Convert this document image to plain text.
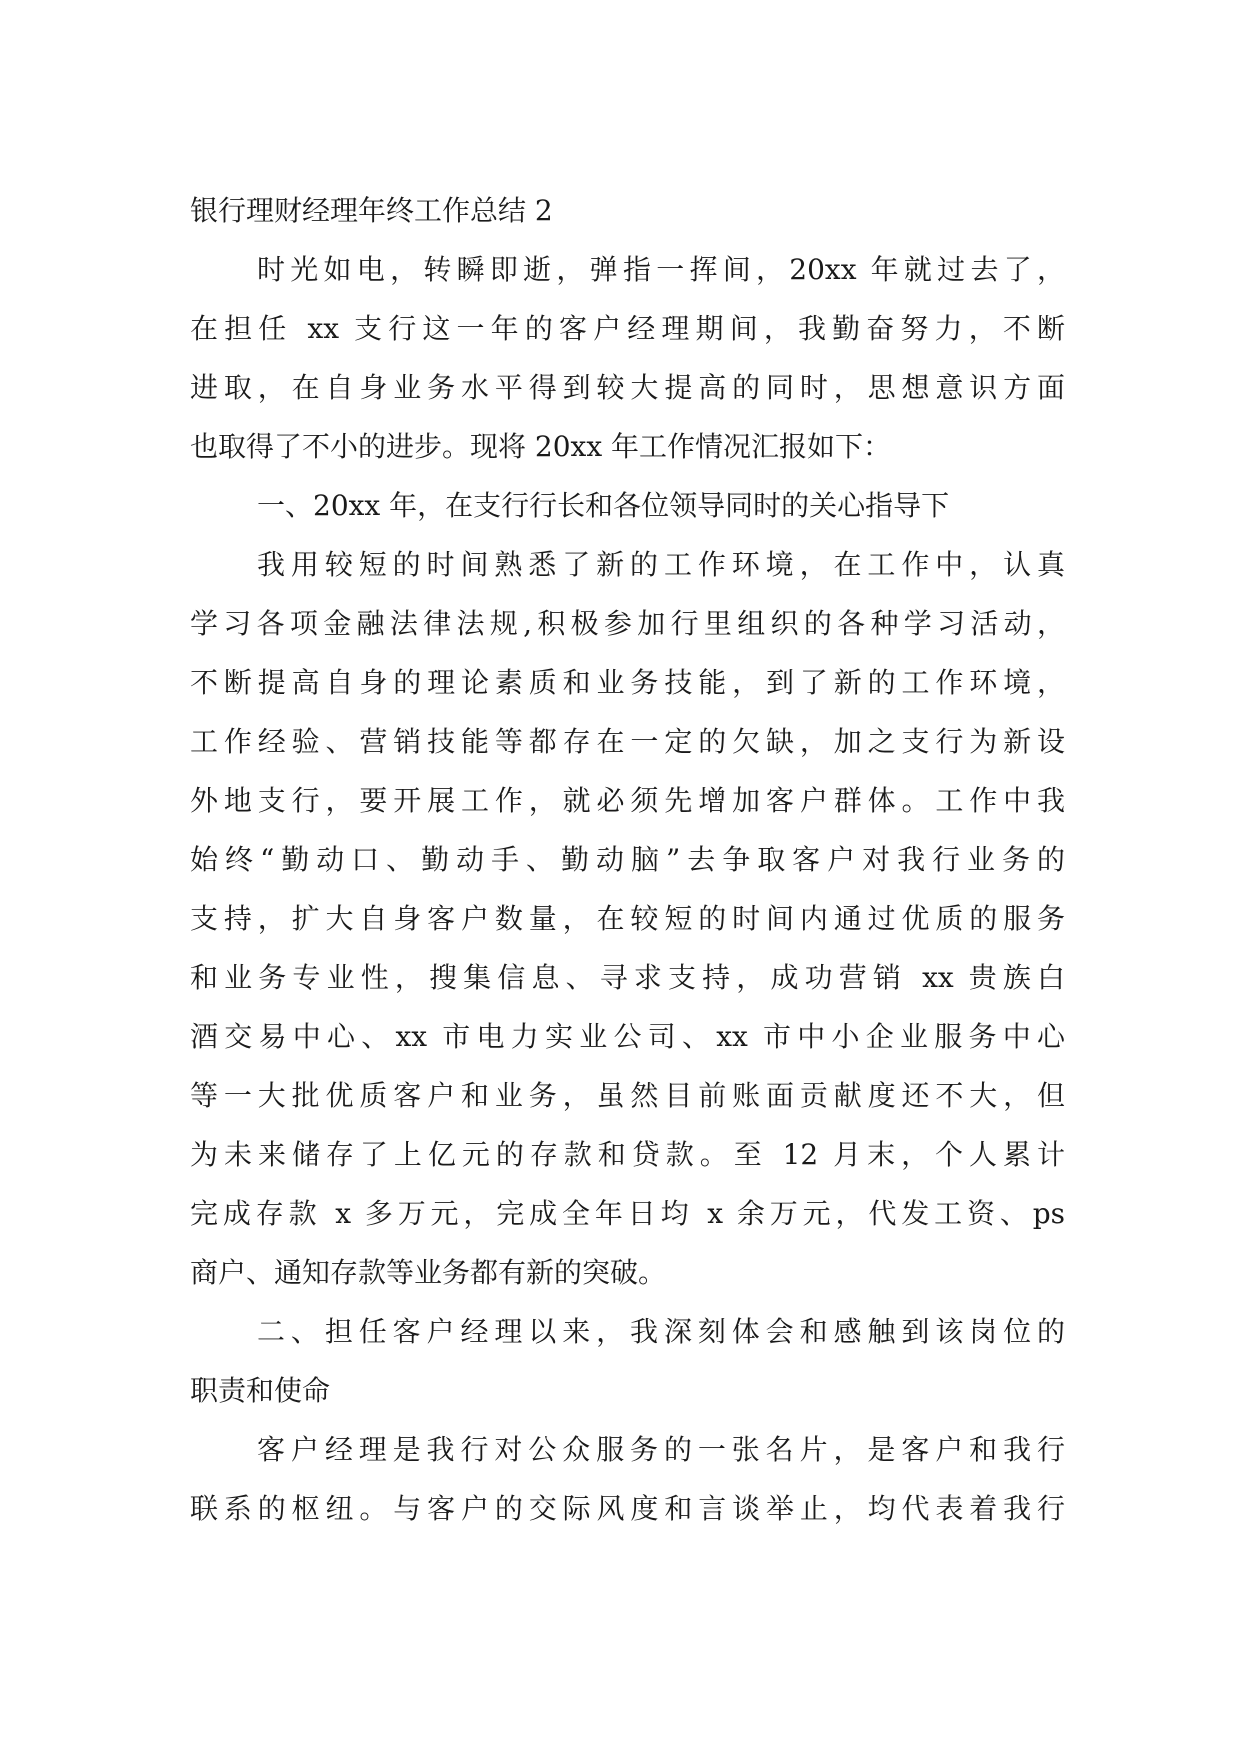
银行理财经理年终工作总结 2
时光如电，转瞬即逝，弹指一挥间，20xx 年就过去了，
在担任 xx 支行这一年的客户经理期间，我勤奋努力，不断
进取，在自身业务水平得到较大提高的同时，思想意识方面
也取得了不小的进步。现将 20xx 年工作情况汇报如下：
一、20xx 年，在支行行长和各位领导同时的关心指导下
我用较短的时间熟悉了新的工作环境，在工作中，认真
学习各项金融法律法规,积极参加行里组织的各种学习活动，
不断提高自身的理论素质和业务技能，到了新的工作环境，
工作经验、营销技能等都存在一定的欠缺，加之支行为新设
外地支行，要开展工作，就必须先增加客户群体。工作中我
始终“勤动口、勤动手、勤动脑”去争取客户对我行业务的
支持，扩大自身客户数量，在较短的时间内通过优质的服务
和业务专业性，搜集信息、寻求支持，成功营销 xx 贵族白
酒交易中心、xx 市电力实业公司、xx 市中小企业服务中心
等一大批优质客户和业务，虽然目前账面贡献度还不大，但
为未来储存了上亿元的存款和贷款。至 12 月末，个人累计
完成存款 x 多万元，完成全年日均 x 余万元，代发工资、ps
商户、通知存款等业务都有新的突破。
二、担任客户经理以来，我深刻体会和感触到该岗位的
职责和使命
客户经理是我行对公众服务的一张名片，是客户和我行
联系的枢纽。与客户的交际风度和言谈举止，均代表着我行
